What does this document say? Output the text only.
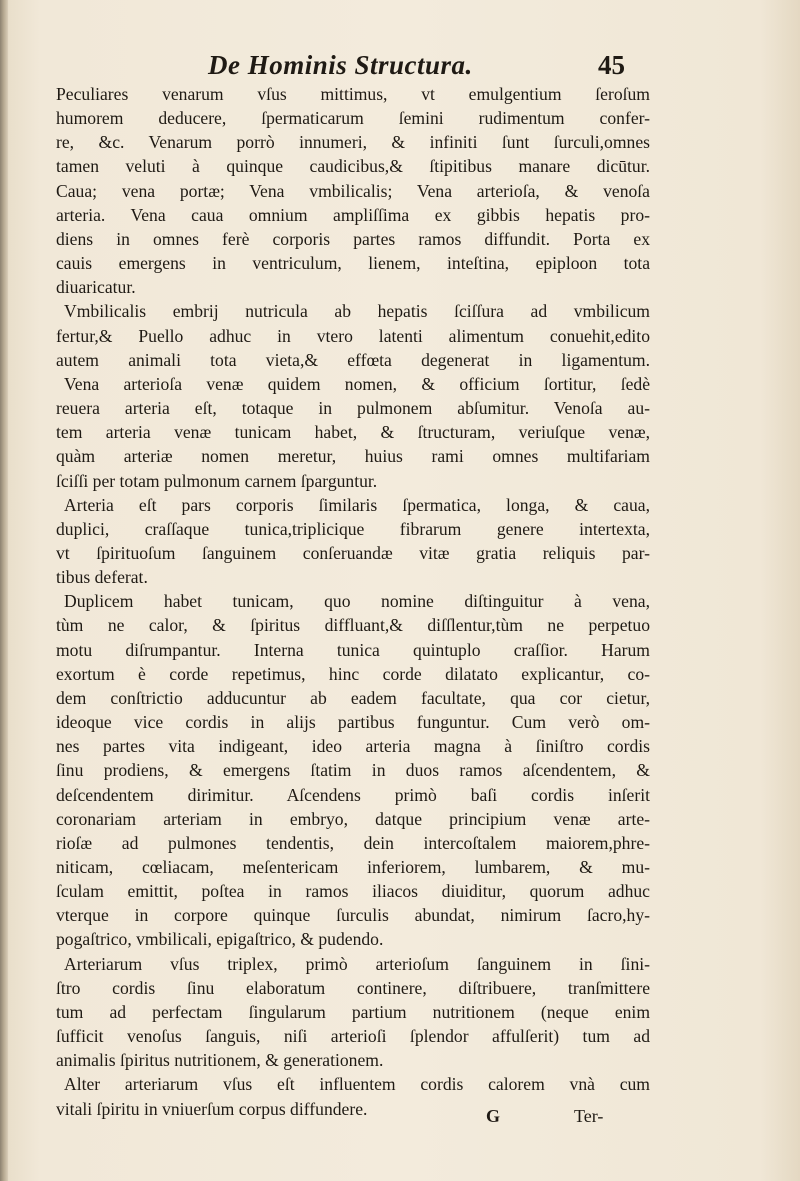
De Hominis Structura.	45
Peculiares venarum vſus mittimus, vt emulgentium ſeroſum
humorem deducere, ſpermaticarum ſemini rudimentum confer-
re, &c. Venarum porrò innumeri, & infiniti ſunt ſurculi,omnes
tamen veluti à quinque caudicibus,& ſtipitibus manare dicūtur.
Caua; vena portæ; Vena vmbilicalis; Vena arterioſa, & venoſa
arteria. Vena caua omnium ampliſſima ex gibbis hepatis pro-
diens in omnes ferè corporis partes ramos diffundit. Porta ex
cauis emergens in ventriculum, lienem, inteſtina, epiploon tota
diuaricatur.
Vmbilicalis embrij nutricula ab hepatis ſciſſura ad vmbilicum
fertur,& Puello adhuc in vtero latenti alimentum conuehit,edito
autem animali tota vieta,& effœta degenerat in ligamentum.
Vena arterioſa venæ quidem nomen, & officium ſortitur, ſedè
reuera arteria eſt, totaque in pulmonem abſumitur. Venoſa au-
tem arteria venæ tunicam habet, & ſtructuram, veriuſque venæ,
quàm arteriæ nomen meretur, huius rami omnes multifariam
ſciſſi per totam pulmonum carnem ſparguntur.
Arteria eſt pars corporis ſimilaris ſpermatica, longa, & caua,
duplici, craſſaque tunica,triplicique fibrarum genere intertexta,
vt ſpirituoſum ſanguinem conſeruandæ vitæ gratia reliquis par-
tibus deferat.
Duplicem habet tunicam, quo nomine diſtinguitur à vena,
tùm ne calor, & ſpiritus diffluant,& diſſlentur,tùm ne perpetuo
motu diſrumpantur. Interna tunica quintuplo craſſior. Harum
exortum è corde repetimus, hinc corde dilatato explicantur, co-
dem conſtrictio adducuntur ab eadem facultate, qua cor cietur,
ideoque vice cordis in alijs partibus funguntur. Cum verò om-
nes partes vita indigeant, ideo arteria magna à ſiniſtro cordis
ſinu prodiens, & emergens ſtatim in duos ramos aſcendentem, &
deſcendentem dirimitur. Aſcendens primò baſi cordis inſerit
coronariam arteriam in embryo, datque principium venæ arte-
rioſæ ad pulmones tendentis, dein intercoſtalem maiorem,phre-
niticam, cœliacam, meſentericam inferiorem, lumbarem, & mu-
ſculam emittit, poſtea in ramos iliacos diuiditur, quorum adhuc
vterque in corpore quinque ſurculis abundat, nimirum ſacro,hy-
pogaſtrico, vmbilicali, epigaſtrico, & pudendo.
Arteriarum vſus triplex, primò arterioſum ſanguinem in ſini-
ſtro cordis ſinu elaboratum continere, diſtribuere, tranſmittere
tum ad perfectam ſingularum partium nutritionem (neque enim
ſufficit venoſus ſanguis, niſi arterioſi ſplendor affulſerit) tum ad
animalis ſpiritus nutritionem, & generationem.
Alter arteriarum vſus eſt influentem cordis calorem vnà cum
vitali ſpiritu in vniuerſum corpus diffundere.	G	Ter-
